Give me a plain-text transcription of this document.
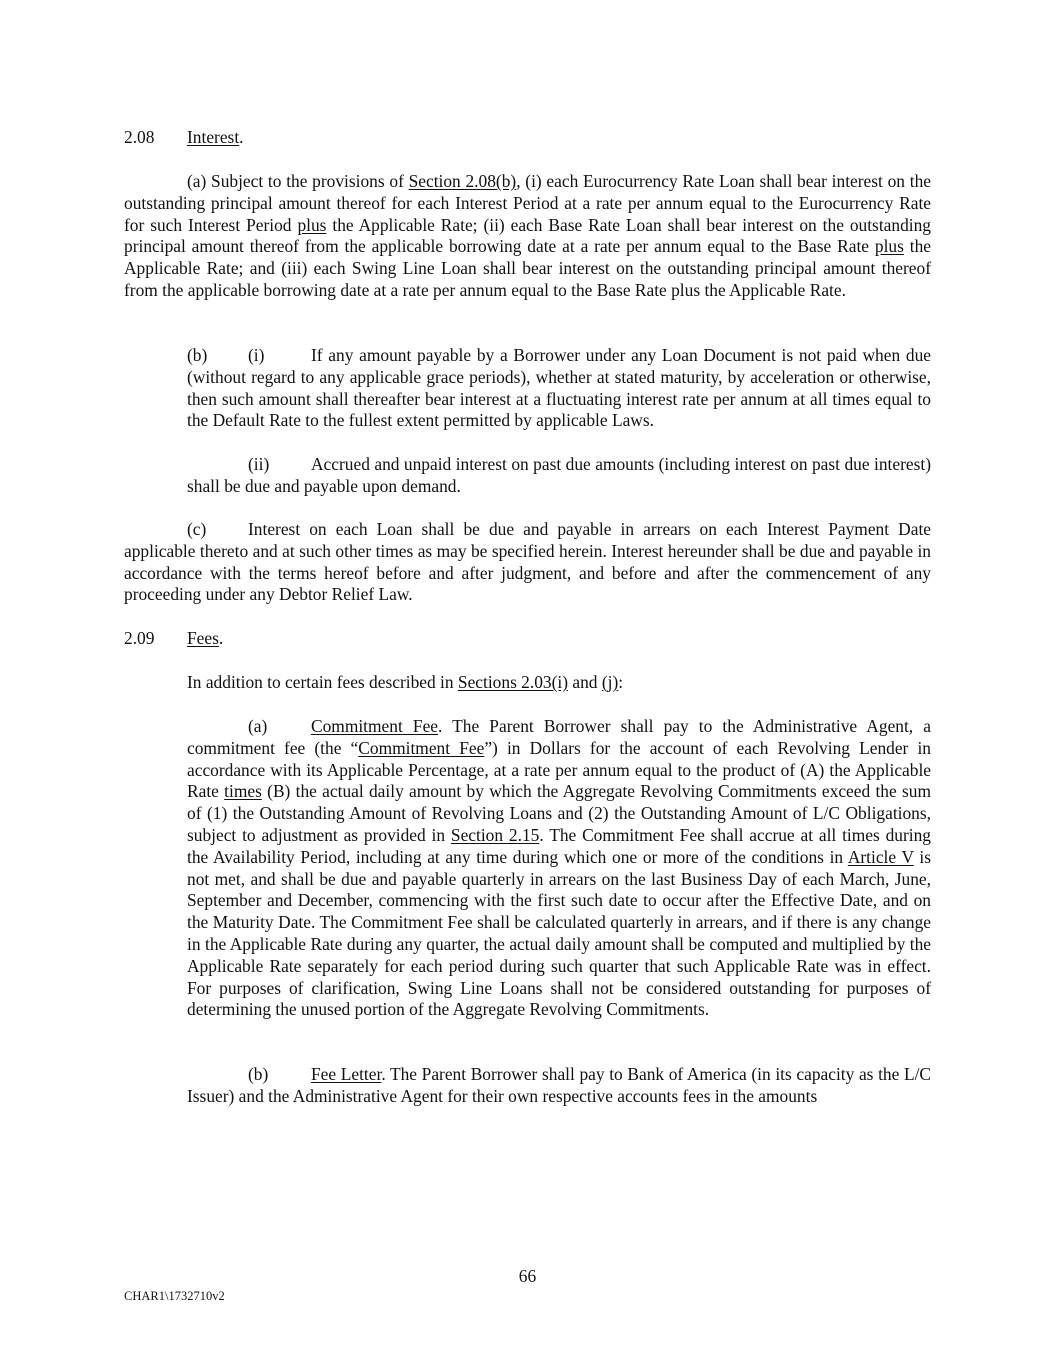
2.08 Interest.

(a) Subject to the provisions of Section 2.08(b), (i) each Eurocurrency Rate Loan shall bear interest on the outstanding principal amount thereof for each Interest Period at a rate per annum equal to the Eurocurrency Rate for such Interest Period plus the Applicable Rate; (ii) each Base Rate Loan shall bear interest on the outstanding principal amount thereof from the applicable borrowing date at a rate per annum equal to the Base Rate plus the Applicable Rate; and (iii) each Swing Line Loan shall bear interest on the outstanding principal amount thereof from the applicable borrowing date at a rate per annum equal to the Base Rate plus the Applicable Rate.

(b) (i)	If any amount payable by a Borrower under any Loan Document is not paid when due (without regard to any applicable grace periods), whether at stated maturity, by acceleration or otherwise, then such amount shall thereafter bear interest at a fluctuating interest rate per annum at all times equal to the Default Rate to the fullest extent permitted by applicable Laws.

(ii) Accrued and unpaid interest on past due amounts (including interest on past due interest) shall be due and payable upon demand.

(c) Interest on each Loan shall be due and payable in arrears on each Interest Payment Date applicable thereto and at such other times as may be specified herein. Interest hereunder shall be due and payable in accordance with the terms hereof before and after judgment, and before and after the commencement of any proceeding under any Debtor Relief Law.

2.09 Fees.

In addition to certain fees described in Sections 2.03(i) and (j):

(a)	Commitment Fee. The Parent Borrower shall pay to the Administrative Agent, a commitment fee (the “Commitment Fee”) in Dollars for the account of each Revolving Lender in accordance with its Applicable Percentage, at a rate per annum equal to the product of (A) the Applicable Rate times (B) the actual daily amount by which the Aggregate Revolving Commitments exceed the sum of (1) the Outstanding Amount of Revolving Loans and (2) the Outstanding Amount of L/C Obligations, subject to adjustment as provided in Section 2.15. The Commitment Fee shall accrue at all times during the Availability Period, including at any time during which one or more of the conditions in Article V is not met, and shall be due and payable quarterly in arrears on the last Business Day of each March, June, September and December, commencing with the first such date to occur after the Effective Date, and on the Maturity Date. The Commitment Fee shall be calculated quarterly in arrears, and if there is any change in the Applicable Rate during any quarter, the actual daily amount shall be computed and multiplied by the Applicable Rate separately for each period during such quarter that such Applicable Rate was in effect. For purposes of clarification, Swing Line Loans shall not be considered outstanding for purposes of determining the unused portion of the Aggregate Revolving Commitments.

(b) Fee Letter. The Parent Borrower shall pay to Bank of America (in its capacity as the L/C Issuer) and the Administrative Agent for their own respective accounts fees in the amounts

66
CHAR1\1732710v2
